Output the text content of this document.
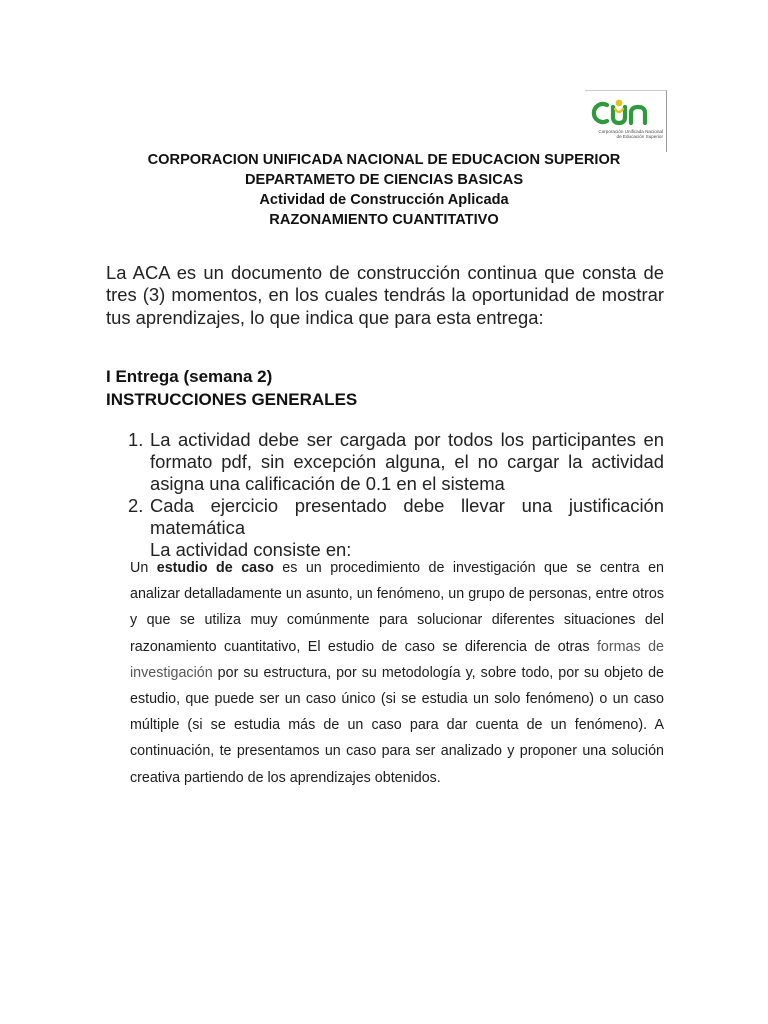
Corporación Unificada Nacional
de Educación Superior
CORPORACION UNIFICADA NACIONAL DE EDUCACION SUPERIOR
DEPARTAMETO DE CIENCIAS BASICAS
Actividad de Construcción Aplicada
RAZONAMIENTO CUANTITATIVO

La ACA es un documento de construcción continua que consta de tres (3) momentos, en los cuales tendrás la oportunidad de mostrar tus aprendizajes, lo que indica que para esta entrega:

I Entrega (semana 2)
INSTRUCCIONES GENERALES
1. La actividad debe ser cargada por todos los participantes en formato pdf, sin excepción alguna, el no cargar la actividad asigna una calificación de 0.1 en el sistema
2. Cada ejercicio presentado debe llevar una justificación matemática
La actividad consiste en:

Un estudio de caso es un procedimiento de investigación que se centra en analizar detalladamente un asunto, un fenómeno, un grupo de personas, entre otros y que se utiliza muy comúnmente para solucionar diferentes situaciones del razonamiento cuantitativo, El estudio de caso se diferencia de otras formas de investigación por su estructura, por su metodología y, sobre todo, por su objeto de estudio, que puede ser un caso único (si se estudia un solo fenómeno) o un caso múltiple (si se estudia más de un caso para dar cuenta de un fenómeno). A continuación, te presentamos un caso para ser analizado y proponer una solución creativa partiendo de los aprendizajes obtenidos.
